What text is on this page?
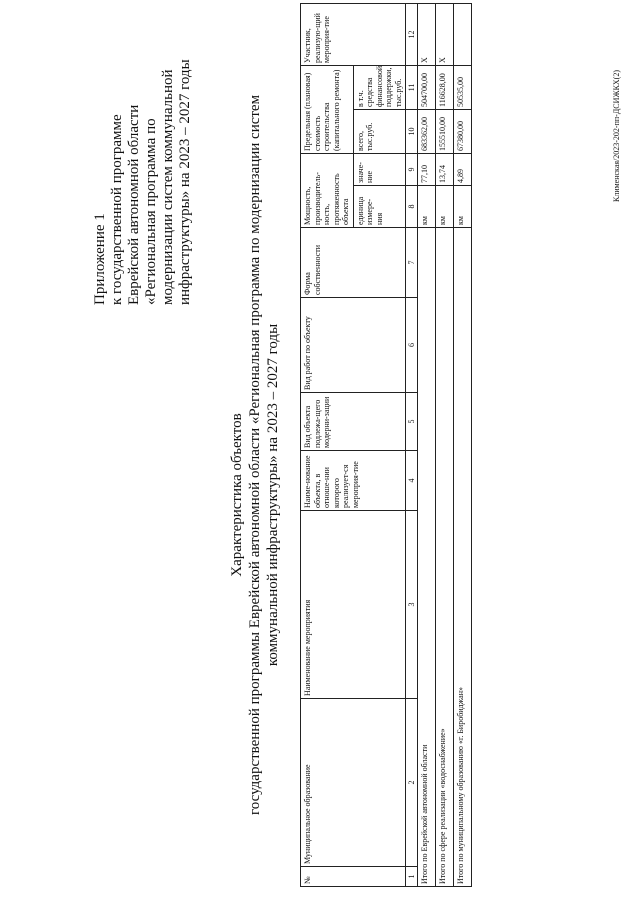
Приложение 1 к государственной программе Еврейской автономной области «Региональная программа по модернизации систем коммунальной инфраструктуры» на 2023 – 2027 годы
Характеристика объектов государственной программы Еврейской автономной области «Региональная программа по модернизации систем коммунальной инфраструктуры» на 2023 – 2027 годы
№	Муниципальное образование	Наименование мероприятия	Наиме-нование объекта, в отноше-нии которого реализует-ся мероприя-тие	Вид объекта подлежа-щего модерни-зации	Вид работ по объекту	Форма собственности	Мощность, производитель-ность, протяженность объекта		Предельная (плановая) стоимость строительства (капитального ремонта)		Участник, реализую-щий мероприя-тие
							единица измере-ния	значе-ние	всего, тыс.руб.	в т.ч. средства финансовой поддержки, тыс.руб.	
1	2	3	4	5	6	7	8	9	10	11	12
Итого по Еврейской автономной области							км	77,10	683362,00	504700,00	X
Итого по сфере реализации «водоснабжение»							км	13,74	155510,00	116628,00	X
Итого по муниципальному образованию «г. Биробиджан»							км	4,89	67380,00	50535,00		Клименская/2023-202-пп-ДСИЖКХ(2)
